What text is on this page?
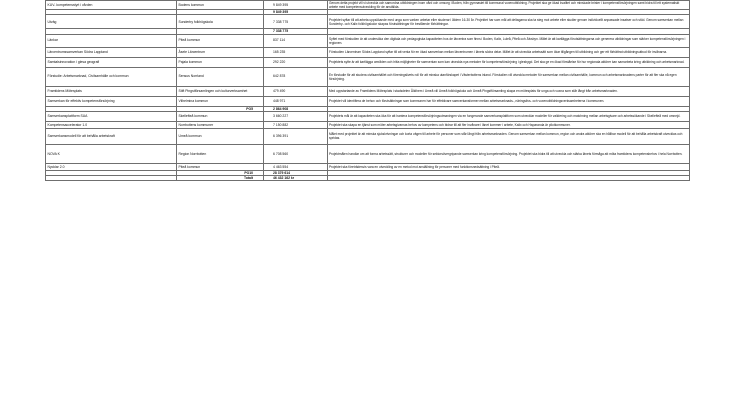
KUV- kompetensstyrt i vården	Bodens kommun	9 849 395	Genom detta projekt vill vi utveckla och samordna utbildningen inom vård och omsorg i Boden, från gymnasiet till kommunal vuxenutbildning. Projektet ska ge ökad kvalitet och minskade brister i kompetensförsörjningen samt bidra till ett systematiskt arbete med kompetensutveckling för de anställda.
		9 849 395	
Utväg	Sunderby folkhögskola	7 338 775	Projektet syftar till att arbeta uppsökande med unga som varken arbetar eller studerar i åldern 16-30 år. Projektet har som mål att deltagarna ska ta steg mot arbete eller studier genom individuellt anpassade insatser och stöd. Genom samverkan mellan Sunderby- och Kalix folkhögskolor skapas förutsättningar för bestående förbättringar.
		7 338 775	
Länkar	Piteå kommun	837 114	Syftet med förstudien är att undersöka den digitala och pedagogiska kapaciteten hos de lärcentra som finns i Boden, Kalix, Luleå, Piteå och Älvsbyn. Målet är att kartlägga förutsättningarna och generera utbildningar som stärker kompetensförsörjningen i regionen.
Lärcentrumssamverkan Södra Lappland	Åsele Lärcentrum	165 235	Förstudien Lärcentrum Södra Lappland syftar till att verka för en ökad samverkan mellan lärcentrumen i länets södra delar. Målet är att utveckla arbetssätt som ökar tillgången till utbildning och ger ett förbättrat utbildningsutbud för invånarna.
Samtalsinnovation i glesa geografi	Pajala kommun	292 220	Projektets syfte är att kartlägga områden och hitta möjligheter för samverkan som kan utveckla nya metoder för kompetensförsörjning i glesbygd. Det ska ge en ökad förståelse för hur regionala aktörer kan samarbeta kring utbildning och arbetsmarknad.
Förstudie: Arbetsmarknad, Civilsamhälle och kommun	Sensus Norrland	642 878	En förstudie för att studera civilsamhället och föreningslivets roll för att minska utanförskapet i Västerbottens inland. Förstudien vill utveckla metoder för samverkan mellan civilsamhälle, kommun och arbetsmarknadens parter för att fler ska nå egen försörjning.
Framtidens Mötesplats	Stift Pingstförsamlingen och kulturverksamhet	479 490	Med uppstartande av Framtidens Mötesplats i stadsdelen Ålidhem i Umeå vill Umeå folkhögskola och Umeå Pingstförsamling skapa en mötesplats för unga och vuxna som står långt från arbetsmarknaden.
Samverkan för effektiv kompetensförsörjning	Vilhelmina kommun	448 971	Projektet vill identifiera de behov och förutsättningar som kommunen har för effektivare samverkansformer mellan arbetsmarknads-, näringslivs- och vuxenutbildningsverksamheterna i kommunen.
	PO5	2 864 908	
Samverkansplattform SUA	Skellefteå kommun	3 660 227	Projektets mål är att kapaciteten ska öka för att hantera kompetensförsörjningsutmaningen via en fungerande samverkansplattform som utvecklar modeller för validering och matchning mellan arbetsgivare och arbetssökande i Skellefteå med omnejd.
Kompetensaccelerator 1.0	Norrbottens kommuner	7 150 882	Projektet ska skapa en tjänst som möter arbetsgivarnas behov av kompetens och bidrar till att fler invånare i länet kommer i arbete, Kalix och Haparanda är pilotkommuner.
Samverkansmodell för att behålla arbetskraft	Umeå kommun	6 396 391	Målet med projektet är att minska sjukskrivningar och korta vägen till arbete för personer som står långt från arbetsmarknaden. Genom samverkan mellan kommun, region och andra aktörer ska en hållbar modell för att behålla arbetskraft utvecklas och spridas.
NOVA K	Region Norrbotten	6 708 560	Projektmålen handlar om att forma arbetssätt, strukturer och modeller för sektorsövergripande samverkan kring kompetensförsörjning. Projektet ska bidra till att utveckla och stärka länets förmåga att möta framtidens kompetensbehov i hela Norrbotten.
Nycklar 2.0	Piteå kommun	4 463 554	Projektet ska företrädesvis vara en utveckling av en metod mot anställning för personer med funktionsnedsättning i Piteå.
	PO10	28 379 614	
	Totalt	46 432 162 kr	
